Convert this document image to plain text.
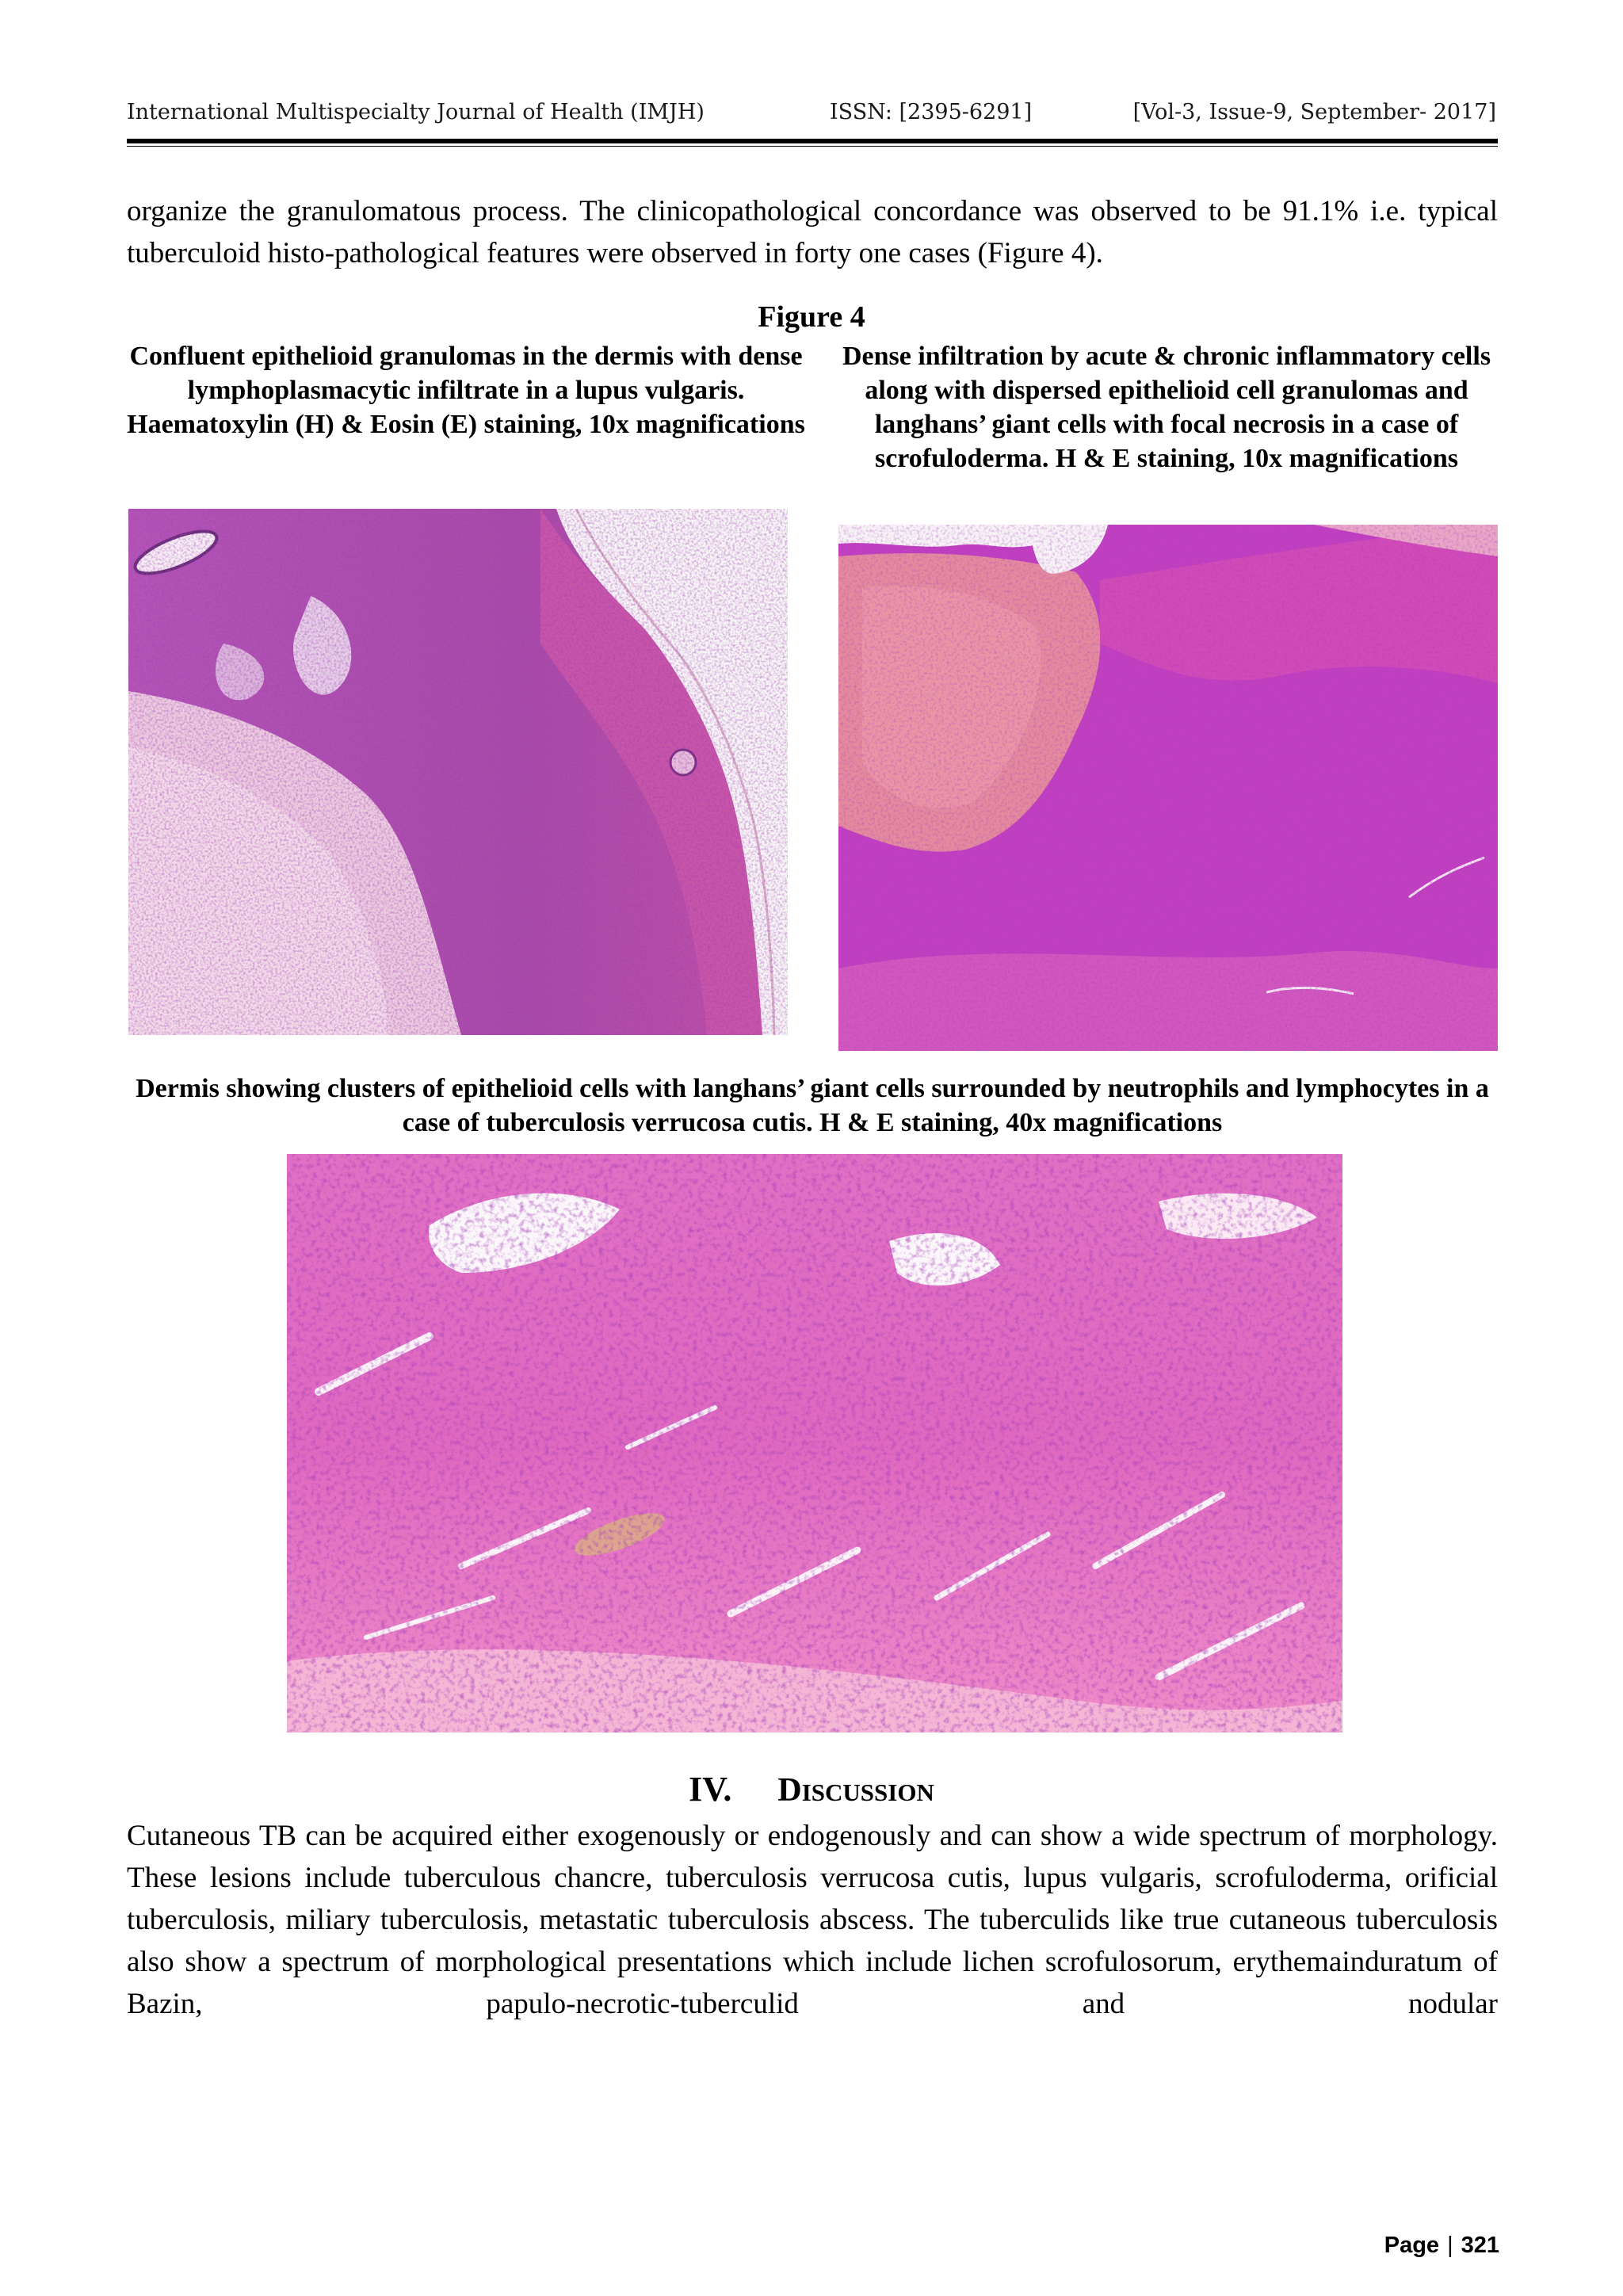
International Multispecialty Journal of Health (IMJH)	ISSN: [2395-6291]	[Vol-3, Issue-9, September- 2017]

organize the granulomatous process. The clinicopathological concordance was observed to be 91.1% i.e. typical tuberculoid histo-pathological features were observed in forty one cases (Figure 4).

Figure 4
Confluent epithelioid granulomas in the dermis with dense lymphoplasmacytic infiltrate in a lupus vulgaris. Haematoxylin (H) & Eosin (E) staining, 10x magnifications
Dense infiltration by acute & chronic inflammatory cells along with dispersed epithelioid cell granulomas and langhans’ giant cells with focal necrosis in a case of scrofuloderma. H & E staining, 10x magnifications
Dermis showing clusters of epithelioid cells with langhans’ giant cells surrounded by neutrophils and lymphocytes in a case of tuberculosis verrucosa cutis. H & E staining, 40x magnifications
IV. DISCUSSION

Cutaneous TB can be acquired either exogenously or endogenously and can show a wide spectrum of morphology. These lesions include tuberculous chancre, tuberculosis verrucosa cutis, lupus vulgaris, scrofuloderma, orificial tuberculosis, miliary tuberculosis, metastatic tuberculosis abscess. The tuberculids like true cutaneous tuberculosis also show a spectrum of morphological presentations which include lichen scrofulosorum, erythemainduratum of Bazin, papulo-necrotic-tuberculid and nodular

Page | 321
